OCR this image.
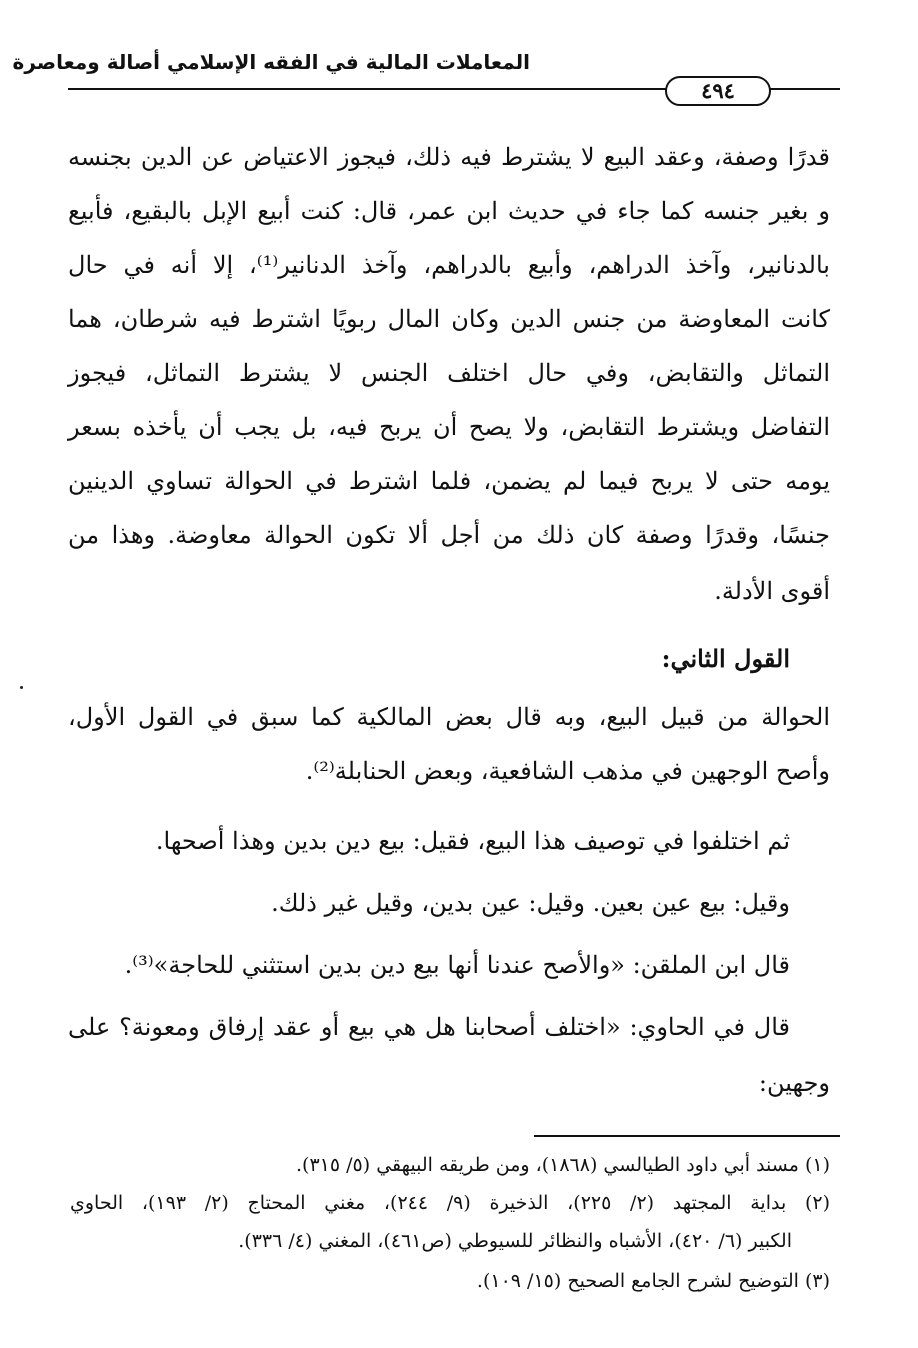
المعاملات المالية في الفقه الإسلامي أصالة ومعاصرة
٤٩٤
قدرًا وصفة، وعقد البيع لا يشترط فيه ذلك، فيجوز الاعتياض عن الدين بجنسه
و بغير جنسه كما جاء في حديث ابن عمر، قال: كنت أبيع الإبل بالبقيع، فأبيع
بالدنانير، وآخذ الدراهم، وأبيع بالدراهم، وآخذ الدنانير⁽¹⁾، إلا أنه في حال
كانت المعاوضة من جنس الدين وكان المال ربويًا اشترط فيه شرطان، هما
التماثل والتقابض، وفي حال اختلف الجنس لا يشترط التماثل، فيجوز
التفاضل ويشترط التقابض، ولا يصح أن يربح فيه، بل يجب أن يأخذه بسعر
يومه حتى لا يربح فيما لم يضمن، فلما اشترط في الحوالة تساوي الدينين
جنسًا، وقدرًا وصفة كان ذلك من أجل ألا تكون الحوالة معاوضة. وهذا من
أقوى الأدلة.
القول الثاني:
الحوالة من قبيل البيع، وبه قال بعض المالكية كما سبق في القول الأول،
وأصح الوجهين في مذهب الشافعية، وبعض الحنابلة⁽²⁾.
ثم اختلفوا في توصيف هذا البيع، فقيل: بيع دين بدين وهذا أصحها.
وقيل: بيع عين بعين. وقيل: عين بدين، وقيل غير ذلك.
قال ابن الملقن: «والأصح عندنا أنها بيع دين بدين استثني للحاجة»⁽³⁾.
قال في الحاوي: «اختلف أصحابنا هل هي بيع أو عقد إرفاق ومعونة؟ على
وجهين:
(١) مسند أبي داود الطيالسي (١٨٦٨)، ومن طريقه البيهقي (٥/ ٣١٥).
(٢) بداية المجتهد (٢/ ٢٢٥)، الذخيرة (٩/ ٢٤٤)، مغني المحتاج (٢/ ١٩٣)، الحاوي
الكبير (٦/ ٤٢٠)، الأشباه والنظائر للسيوطي (ص٤٦١)، المغني (٤/ ٣٣٦).
(٣) التوضيح لشرح الجامع الصحيح (١٥/ ١٠٩).
